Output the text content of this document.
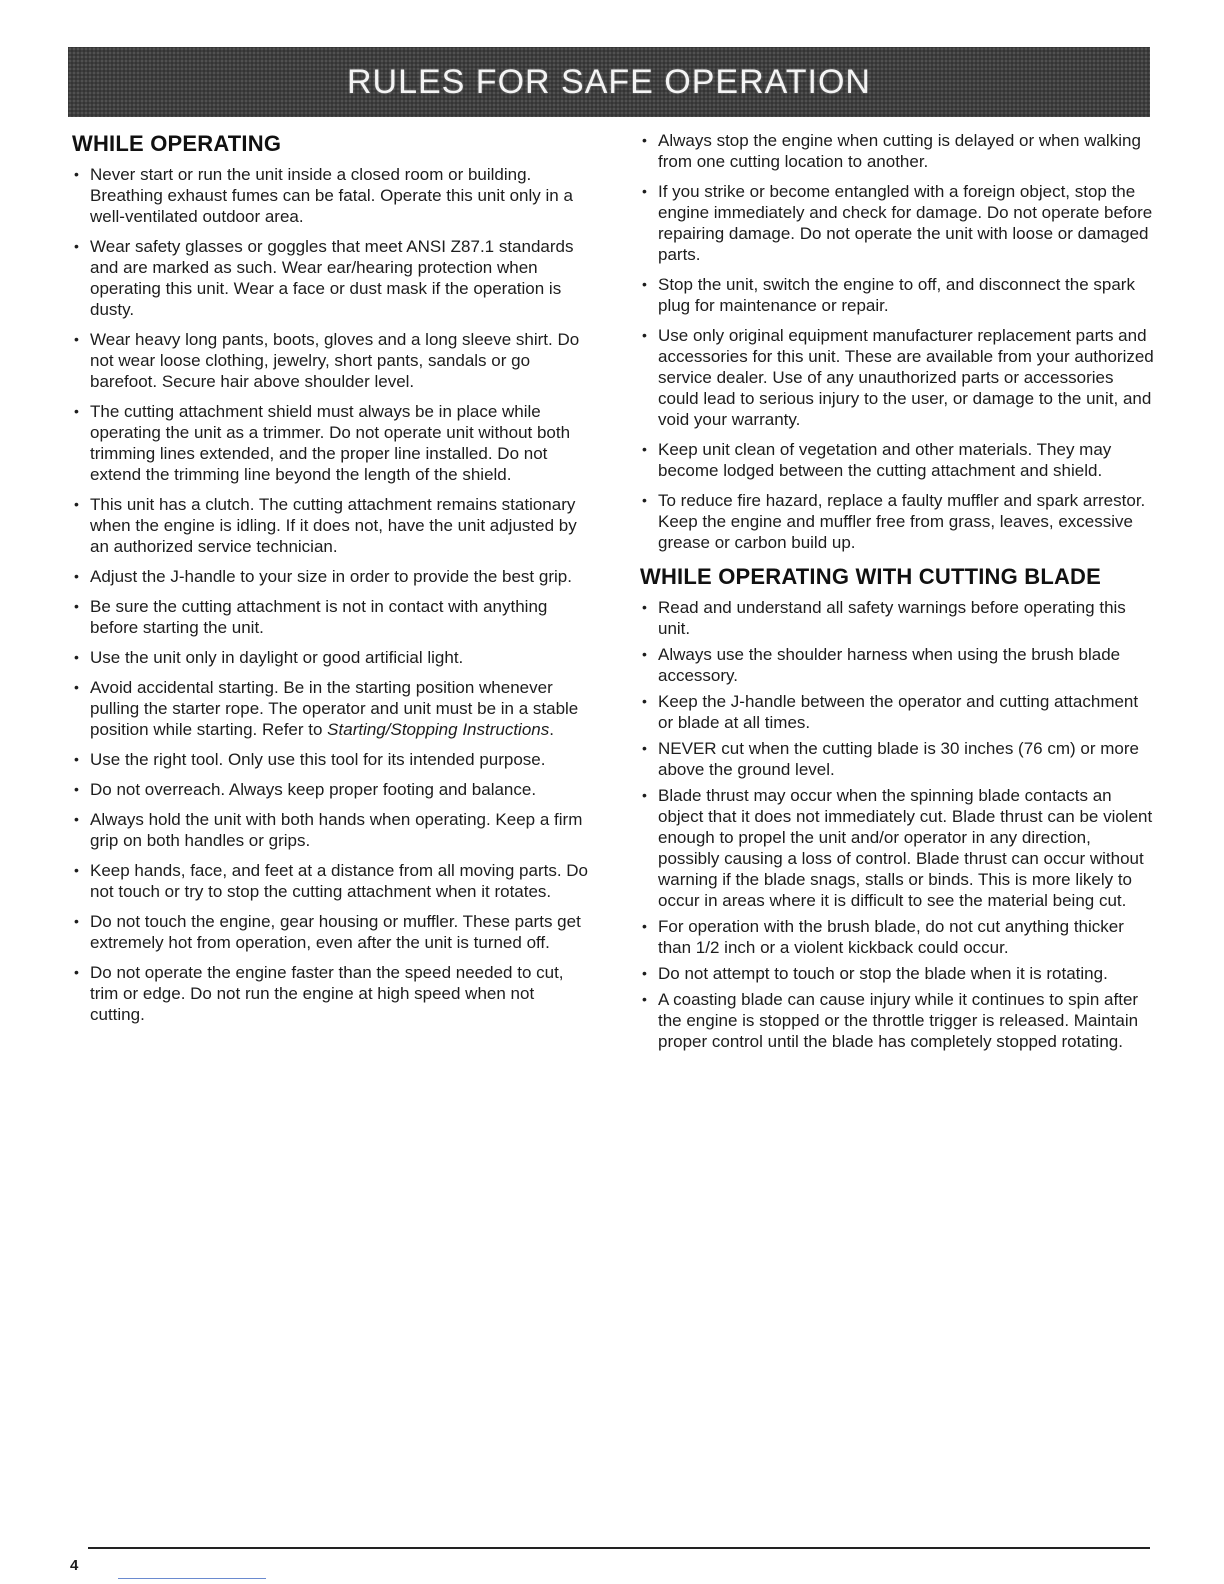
RULES FOR SAFE OPERATION
WHILE OPERATING
• Never start or run the unit inside a closed room or building. Breathing exhaust fumes can be fatal. Operate this unit only in a well-ventilated outdoor area.
• Wear safety glasses or goggles that meet ANSI Z87.1 standards and are marked as such. Wear ear/hearing protection when operating this unit. Wear a face or dust mask if the operation is dusty.
• Wear heavy long pants, boots, gloves and a long sleeve shirt. Do not wear loose clothing, jewelry, short pants, sandals or go barefoot. Secure hair above shoulder level.
• The cutting attachment shield must always be in place while operating the unit as a trimmer. Do not operate unit without both trimming lines extended, and the proper line installed. Do not extend the trimming line beyond the length of the shield.
• This unit has a clutch. The cutting attachment remains stationary when the engine is idling. If it does not, have the unit adjusted by an authorized service technician.
• Adjust the J-handle to your size in order to provide the best grip.
• Be sure the cutting attachment is not in contact with anything before starting the unit.
• Use the unit only in daylight or good artificial light.
• Avoid accidental starting. Be in the starting position whenever pulling the starter rope. The operator and unit must be in a stable position while starting. Refer to Starting/Stopping Instructions.
• Use the right tool. Only use this tool for its intended purpose.
• Do not overreach. Always keep proper footing and balance.
• Always hold the unit with both hands when operating. Keep a firm grip on both handles or grips.
• Keep hands, face, and feet at a distance from all moving parts. Do not touch or try to stop the cutting attachment when it rotates.
• Do not touch the engine, gear housing or muffler. These parts get extremely hot from operation, even after the unit is turned off.
• Do not operate the engine faster than the speed needed to cut, trim or edge. Do not run the engine at high speed when not cutting.
• Always stop the engine when cutting is delayed or when walking from one cutting location to another.
• If you strike or become entangled with a foreign object, stop the engine immediately and check for damage. Do not operate before repairing damage. Do not operate the unit with loose or damaged parts.
• Stop the unit, switch the engine to off, and disconnect the spark plug for maintenance or repair.
• Use only original equipment manufacturer replacement parts and accessories for this unit. These are available from your authorized service dealer. Use of any unauthorized parts or accessories could lead to serious injury to the user, or damage to the unit, and void your warranty.
• Keep unit clean of vegetation and other materials. They may become lodged between the cutting attachment and shield.
• To reduce fire hazard, replace a faulty muffler and spark arrestor. Keep the engine and muffler free from grass, leaves, excessive grease or carbon build up.
WHILE OPERATING WITH CUTTING BLADE
• Read and understand all safety warnings before operating this unit.
• Always use the shoulder harness when using the brush blade accessory.
• Keep the J-handle between the operator and cutting attachment or blade at all times.
• NEVER cut when the cutting blade is 30 inches (76 cm) or more above the ground level.
• Blade thrust may occur when the spinning blade contacts an object that it does not immediately cut. Blade thrust can be violent enough to propel the unit and/or operator in any direction, possibly causing a loss of control. Blade thrust can occur without warning if the blade snags, stalls or binds. This is more likely to occur in areas where it is difficult to see the material being cut.
• For operation with the brush blade, do not cut anything thicker than 1/2 inch or a violent kickback could occur.
• Do not attempt to touch or stop the blade when it is rotating.
• A coasting blade can cause injury while it continues to spin after the engine is stopped or the throttle trigger is released. Maintain proper control until the blade has completely stopped rotating.
4
